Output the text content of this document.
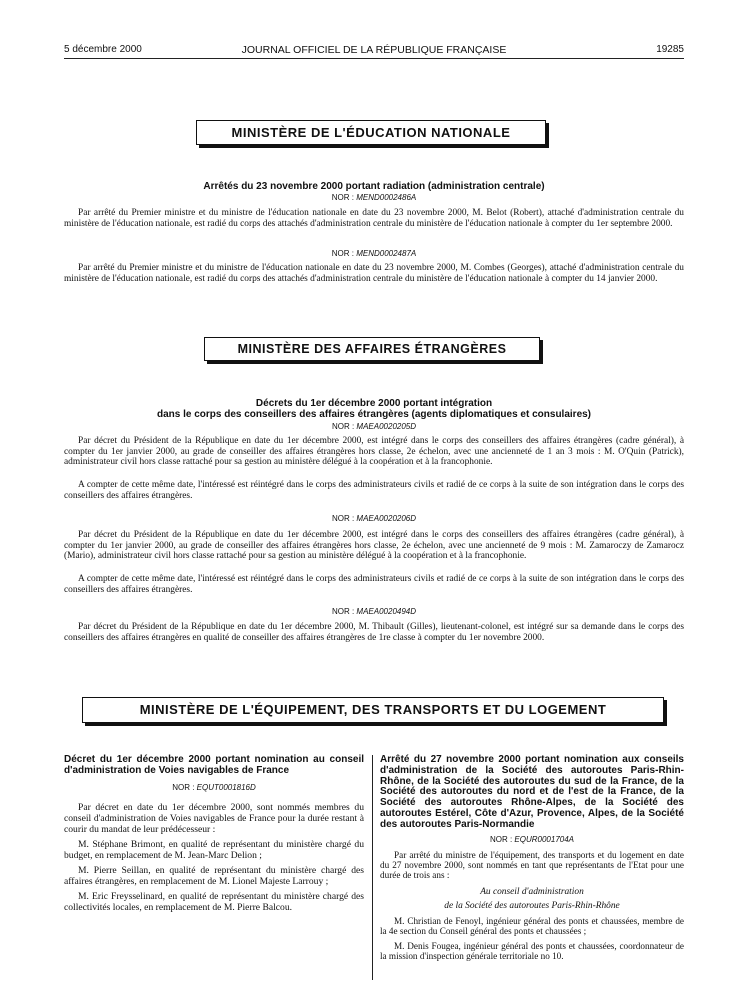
5 décembre 2000	JOURNAL OFFICIEL DE LA RÉPUBLIQUE FRANÇAISE	19285
MINISTÈRE DE L'ÉDUCATION NATIONALE
Arrêtés du 23 novembre 2000 portant radiation (administration centrale)
NOR : MEND0002486A

Par arrêté du Premier ministre et du ministre de l'éducation nationale en date du 23 novembre 2000, M. Belot (Robert), attaché d'administration centrale du ministère de l'éducation nationale, est radié du corps des attachés d'administration centrale du ministère de l'éducation nationale à compter du 1er septembre 2000.

NOR : MEND0002487A

Par arrêté du Premier ministre et du ministre de l'éducation nationale en date du 23 novembre 2000, M. Combes (Georges), attaché d'administration centrale du ministère de l'éducation nationale, est radié du corps des attachés d'administration centrale du ministère de l'éducation nationale à compter du 14 janvier 2000.

MINISTÈRE DES AFFAIRES ÉTRANGÈRES
Décrets du 1er décembre 2000 portant intégration
dans le corps des conseillers des affaires étrangères (agents diplomatiques et consulaires)
NOR : MAEA0020205D

Par décret du Président de la République en date du 1er décembre 2000, est intégré dans le corps des conseillers des affaires étrangères (cadre général), à compter du 1er janvier 2000, au grade de conseiller des affaires étrangères hors classe, 2e échelon, avec une ancienneté de 1 an 3 mois : M. O'Quin (Patrick), administrateur civil hors classe rattaché pour sa gestion au ministère délégué à la coopération et à la francophonie.

A compter de cette même date, l'intéressé est réintégré dans le corps des administrateurs civils et radié de ce corps à la suite de son intégration dans le corps des conseillers des affaires étrangères.

NOR : MAEA0020206D

Par décret du Président de la République en date du 1er décembre 2000, est intégré dans le corps des conseillers des affaires étrangères (cadre général), à compter du 1er janvier 2000, au grade de conseiller des affaires étrangères hors classe, 2e échelon, avec une ancienneté de 9 mois : M. Zamaroczy de Zamarocz (Mario), administrateur civil hors classe rattaché pour sa gestion au ministère délégué à la coopération et à la francophonie.

A compter de cette même date, l'intéressé est réintégré dans le corps des administrateurs civils et radié de ce corps à la suite de son intégration dans le corps des conseillers des affaires étrangères.

NOR : MAEA0020494D

Par décret du Président de la République en date du 1er décembre 2000, M. Thibault (Gilles), lieutenant-colonel, est intégré sur sa demande dans le corps des conseillers des affaires étrangères en qualité de conseiller des affaires étrangères de 1re classe à compter du 1er novembre 2000.

MINISTÈRE DE L'ÉQUIPEMENT, DES TRANSPORTS ET DU LOGEMENT

Décret du 1er décembre 2000 portant nomination au conseil d'administration de Voies navigables de France

NOR : EQUT0001816D

Par décret en date du 1er décembre 2000, sont nommés membres du conseil d'administration de Voies navigables de France pour la durée restant à courir du mandat de leur prédécesseur :

M. Stéphane Brimont, en qualité de représentant du ministère chargé du budget, en remplacement de M. Jean-Marc Delion ;

M. Pierre Seillan, en qualité de représentant du ministère chargé des affaires étrangères, en remplacement de M. Lionel Majeste Larrouy ;

M. Eric Freysselinard, en qualité de représentant du ministère chargé des collectivités locales, en remplacement de M. Pierre Balcou.

Arrêté du 27 novembre 2000 portant nomination aux conseils d'administration de la Société des autoroutes Paris-Rhin-Rhône, de la Société des autoroutes du sud de la France, de la Société des autoroutes du nord et de l'est de la France, de la Société des autoroutes Rhône-Alpes, de la Société des autoroutes Estérel, Côte d'Azur, Provence, Alpes, de la Société des autoroutes Paris-Normandie

NOR : EQUR0001704A

Par arrêté du ministre de l'équipement, des transports et du logement en date du 27 novembre 2000, sont nommés en tant que représentants de l'Etat pour une durée de trois ans :

Au conseil d'administration
de la Société des autoroutes Paris-Rhin-Rhône

M. Christian de Fenoyl, ingénieur général des ponts et chaussées, membre de la 4e section du Conseil général des ponts et chaussées ;

M. Denis Fougea, ingénieur général des ponts et chaussées, coordonnateur de la mission d'inspection générale territoriale no 10.
